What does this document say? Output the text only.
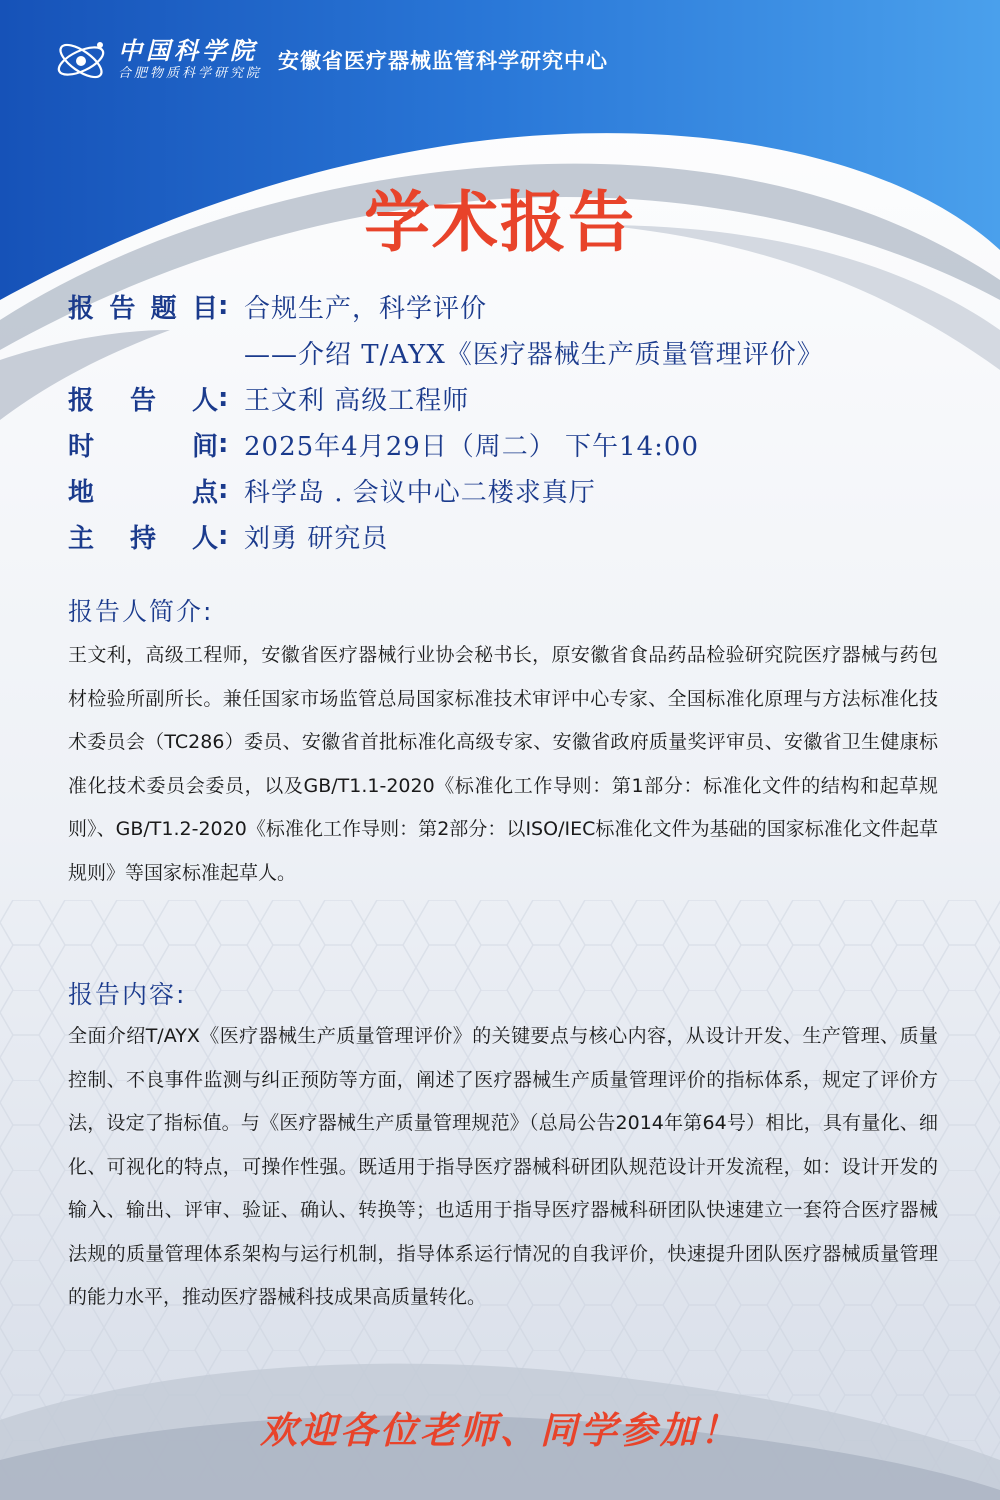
中国科学院
合肥物质科学研究院
安徽省医疗器械监管科学研究中心
学术报告
报 告 题 目 : 合规生产，科学评价
——介绍 T/AYX《医疗器械生产质量管理评价》
报 告 人 : 王文利 高级工程师
时	间 : 2025年4月29日（周二） 下午14:00
地	点 : 科学岛 . 会议中心二楼求真厅
主 持 人 : 刘勇 研究员
报告人简介:

王文利，高级工程师，安徽省医疗器械行业协会秘书长，原安徽省食品药品检验研究院医疗器械与药包材检验所副所长。兼任国家市场监管总局国家标准技术审评中心专家、全国标准化原理与方法标准化技术委员会（TC286）委员、安徽省首批标准化高级专家、安徽省政府质量奖评审员、安徽省卫生健康标准化技术委员会委员，以及GB/T1.1-2020《标准化工作导则：第1部分：标准化文件的结构和起草规则》、GB/T1.2-2020《标准化工作导则：第2部分：以ISO/IEC标准化文件为基础的国家标准化文件起草规则》等国家标准起草人。

报告内容:

全面介绍T/AYX《医疗器械生产质量管理评价》的关键要点与核心内容，从设计开发、生产管理、质量控制、不良事件监测与纠正预防等方面，阐述了医疗器械生产质量管理评价的指标体系，规定了评价方法，设定了指标值。与《医疗器械生产质量管理规范》（总局公告2014年第64号）相比，具有量化、细化、可视化的特点，可操作性强。既适用于指导医疗器械科研团队规范设计开发流程，如：设计开发的输入、输出、评审、验证、确认、转换等；也适用于指导医疗器械科研团队快速建立一套符合医疗器械法规的质量管理体系架构与运行机制，指导体系运行情况的自我评价，快速提升团队医疗器械质量管理的能力水平，推动医疗器械科技成果高质量转化。

欢迎各位老师、同学参加！
